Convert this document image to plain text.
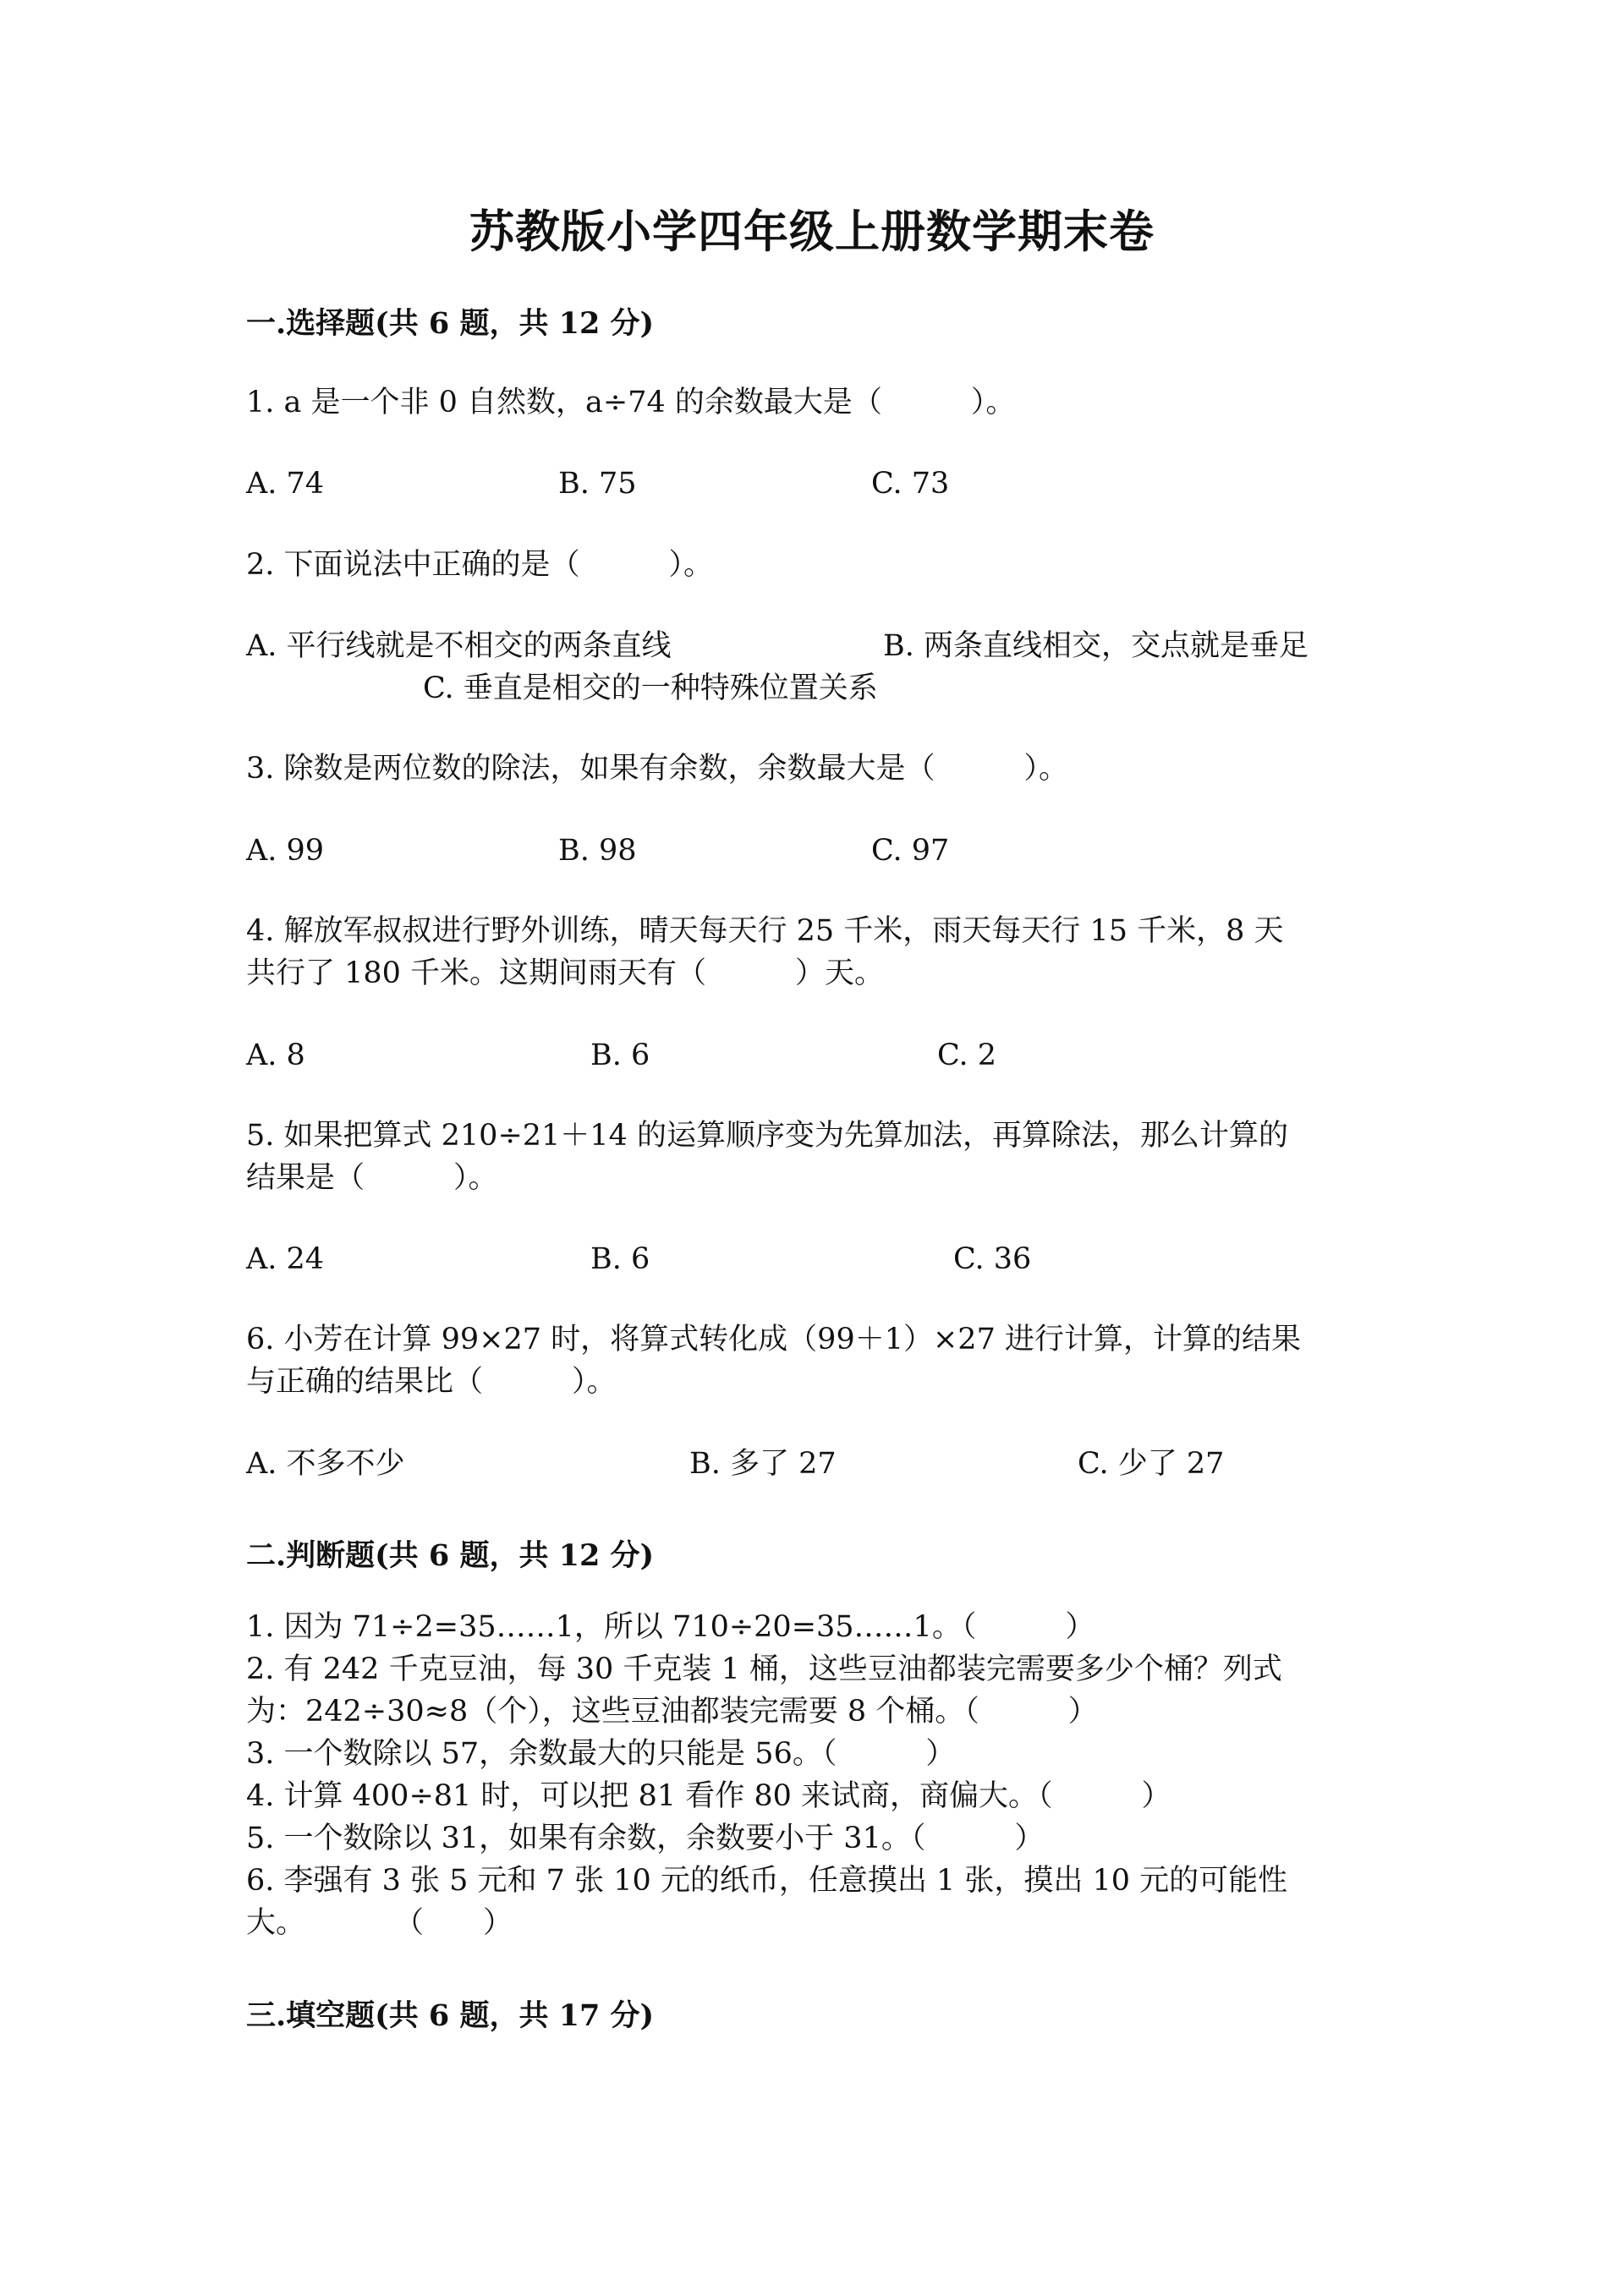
苏教版小学四年级上册数学期末卷
一.选择题(共 6 题，共 12 分)
1. a 是一个非 0 自然数，a÷74 的余数最大是（　　　）。
A. 74	B. 75	C. 73
2. 下面说法中正确的是（　　　）。
A. 平行线就是不相交的两条直线	B. 两条直线相交，交点就是垂足
C. 垂直是相交的一种特殊位置关系
3. 除数是两位数的除法，如果有余数，余数最大是（　　　）。
A. 99	B. 98	C. 97
4. 解放军叔叔进行野外训练，晴天每天行 25 千米，雨天每天行 15 千米，8 天
共行了 180 千米。这期间雨天有（　　　）天。
A. 8	B. 6	C. 2
5. 如果把算式 210÷21＋14 的运算顺序变为先算加法，再算除法，那么计算的
结果是（　　　）。
A. 24	B. 6	C. 36
6. 小芳在计算 99×27 时，将算式转化成（99＋1）×27 进行计算，计算的结果
与正确的结果比（　　　）。
A. 不多不少	B. 多了 27	C. 少了 27
二.判断题(共 6 题，共 12 分)
1. 因为 71÷2=35……1，所以 710÷20=35……1。（　　　）
2. 有 242 千克豆油，每 30 千克装 1 桶，这些豆油都装完需要多少个桶？列式
为：242÷30≈8（个），这些豆油都装完需要 8 个桶。（　　　）
3. 一个数除以 57，余数最大的只能是 56。（　　　）
4. 计算 400÷81 时，可以把 81 看作 80 来试商，商偏大。（　　　）
5. 一个数除以 31，如果有余数，余数要小于 31。（　　　）
6. 李强有 3 张 5 元和 7 张 10 元的纸币，任意摸出 1 张，摸出 10 元的可能性
大。　　　　（　　）
三.填空题(共 6 题，共 17 分)
